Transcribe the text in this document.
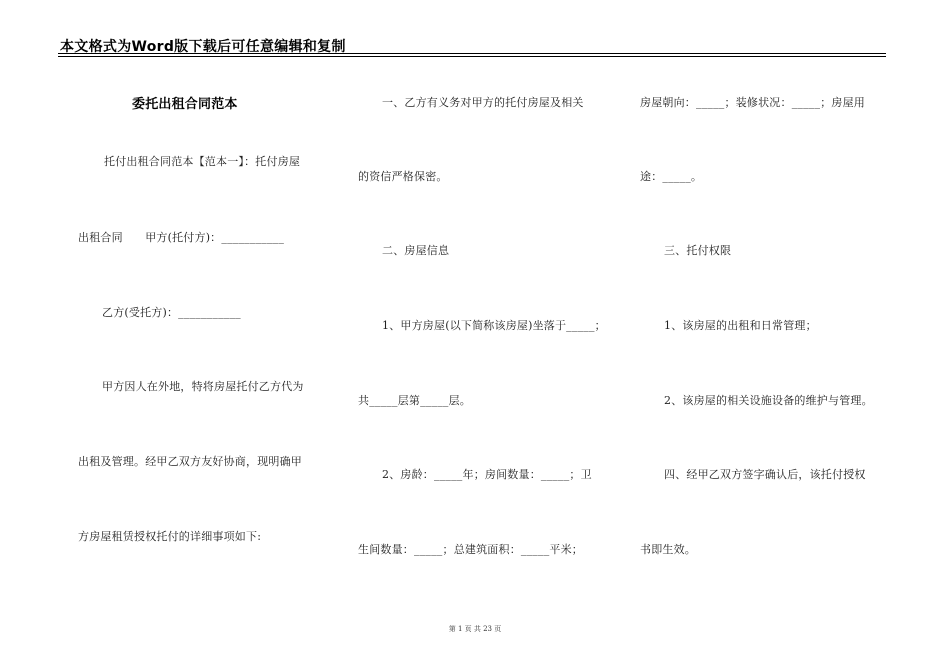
本文格式为Word版下载后可任意编辑和复制
委托出租合同范本
托付出租合同范本【范本一】：托付房屋
出租合同　　甲方(托付方)：___________
乙方(受托方)：___________
甲方因人在外地，特将房屋托付乙方代为
出租及管理。经甲乙双方友好协商，现明确甲
方房屋租赁授权托付的详细事项如下:
一、乙方有义务对甲方的托付房屋及相关
的资信严格保密。
二、房屋信息
1、甲方房屋(以下简称该房屋)坐落于_____；
共_____层第_____层。
2、房龄：_____年；房间数量：_____；卫
生间数量：_____；总建筑面积：_____平米；
房屋朝向：_____；装修状况：_____；房屋用
途：_____。
三、托付权限
1、该房屋的出租和日常管理；
2、该房屋的相关设施设备的维护与管理。
四、经甲乙双方签字确认后，该托付授权
书即生效。
第 1 页 共 23 页
